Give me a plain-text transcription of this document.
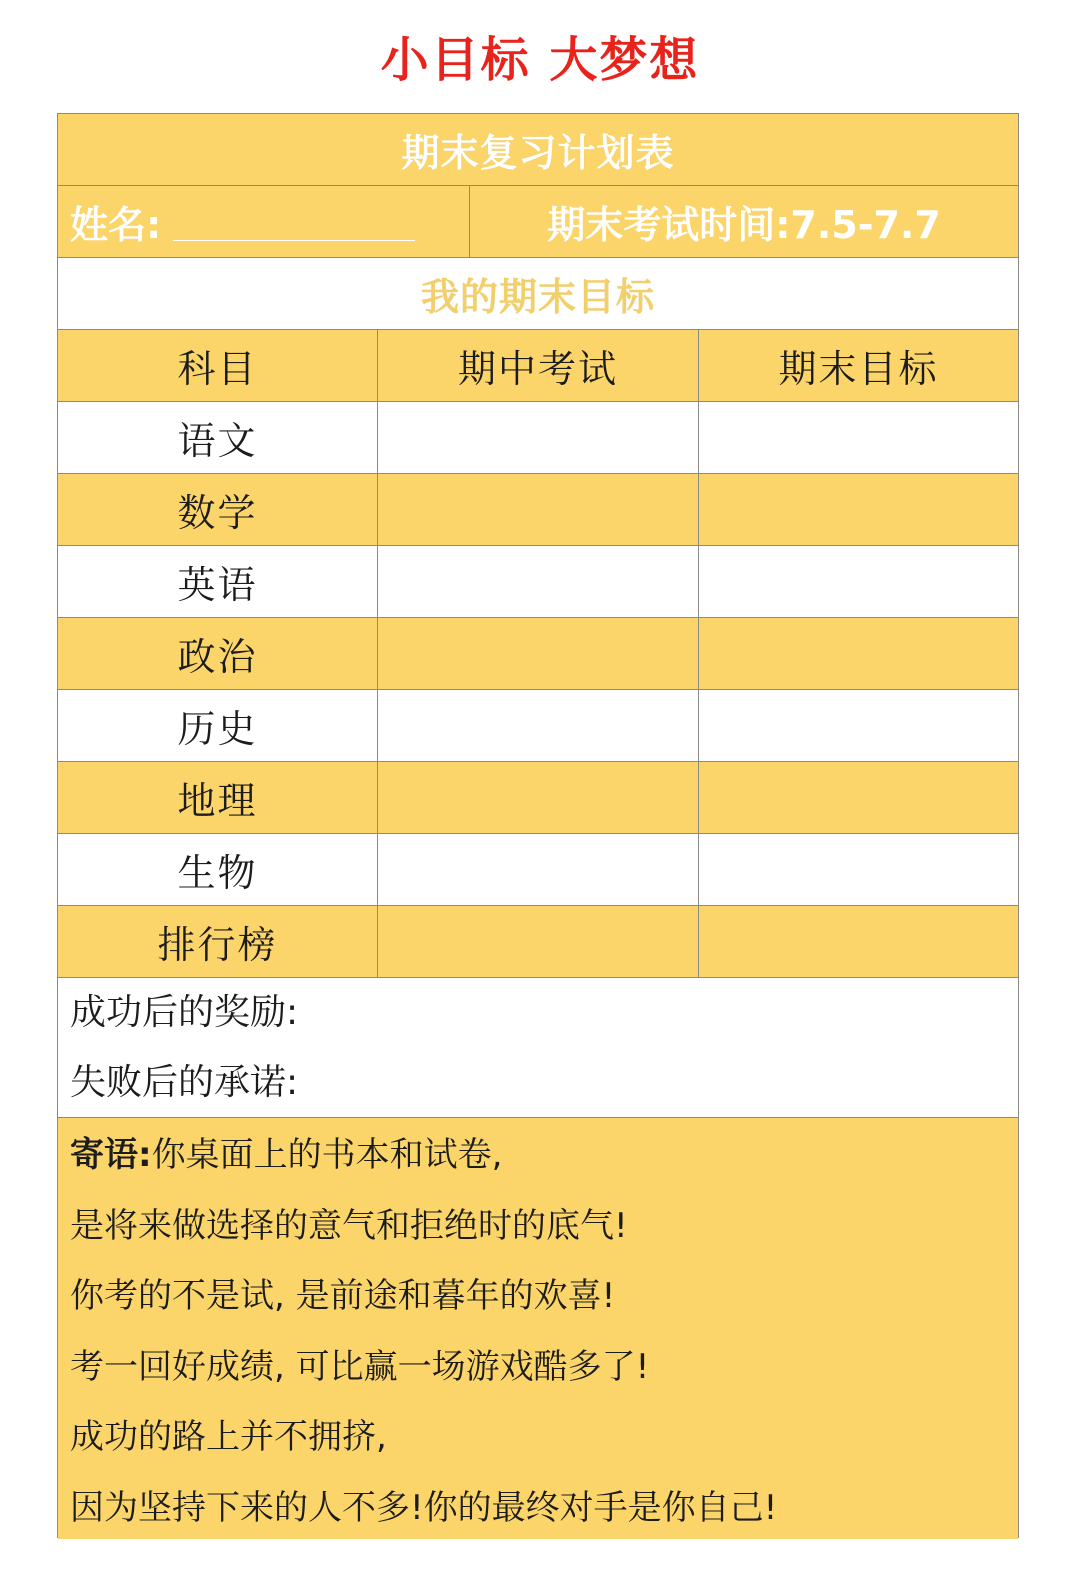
小目标 大梦想
期末复习计划表
姓名:	期末考试时间:7.5-7.7
我的期末目标
科目	期中考试	期末目标
语文
数学
英语
政治
历史
地理
生物
排行榜
成功后的奖励:
失败后的承诺:
寄语:你桌面上的书本和试卷,
是将来做选择的意气和拒绝时的底气!
你考的不是试, 是前途和暮年的欢喜!
考一回好成绩, 可比赢一场游戏酷多了!
成功的路上并不拥挤,
因为坚持下来的人不多!你的最终对手是你自己!
